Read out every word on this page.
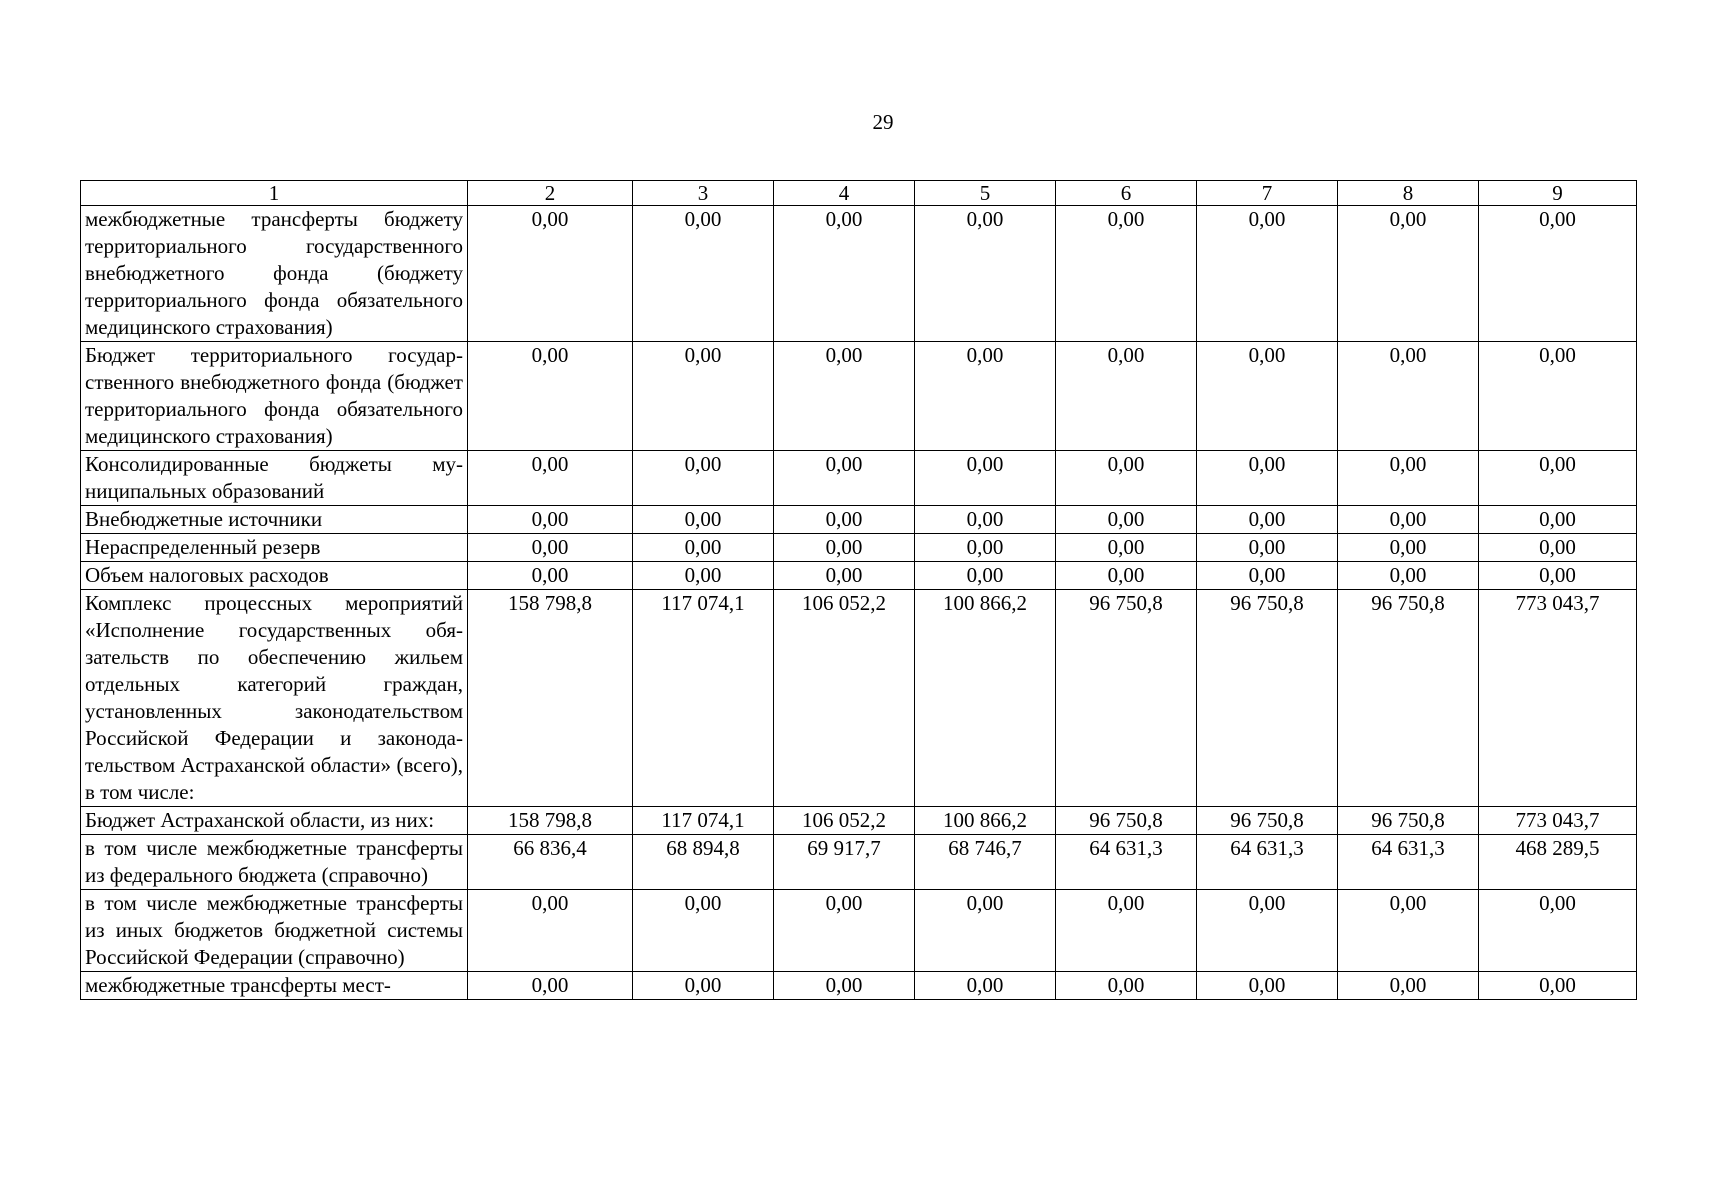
29
1	2	3	4	5	6	7	8	9
межбюджетные трансферты бюджету территориального государственного внебюджетного фонда (бюджету территориального фонда обязательного медицинского страхования)	0,00	0,00	0,00	0,00	0,00	0,00	0,00	0,00
Бюджет территориального государственного внебюджетного фонда (бюджет территориального фонда обязательного медицинского страхования)	0,00	0,00	0,00	0,00	0,00	0,00	0,00	0,00
Консолидированные бюджеты муниципальных образований	0,00	0,00	0,00	0,00	0,00	0,00	0,00	0,00
Внебюджетные источники	0,00	0,00	0,00	0,00	0,00	0,00	0,00	0,00
Нераспределенный резерв	0,00	0,00	0,00	0,00	0,00	0,00	0,00	0,00
Объем налоговых расходов	0,00	0,00	0,00	0,00	0,00	0,00	0,00	0,00
Комплекс процессных мероприятий «Исполнение государственных обязательств по обеспечению жильем отдельных категорий граждан, установленных законодательством Российской Федерации и законодательством Астраханской области» (всего), в том числе:	158 798,8	117 074,1	106 052,2	100 866,2	96 750,8	96 750,8	96 750,8	773 043,7
Бюджет Астраханской области, из них:	158 798,8	117 074,1	106 052,2	100 866,2	96 750,8	96 750,8	96 750,8	773 043,7
в том числе межбюджетные трансферты из федерального бюджета (справочно)	66 836,4	68 894,8	69 917,7	68 746,7	64 631,3	64 631,3	64 631,3	468 289,5
в том числе межбюджетные трансферты из иных бюджетов бюджетной системы Российской Федерации (справочно)	0,00	0,00	0,00	0,00	0,00	0,00	0,00	0,00
межбюджетные трансферты мест-	0,00	0,00	0,00	0,00	0,00	0,00	0,00	0,00
